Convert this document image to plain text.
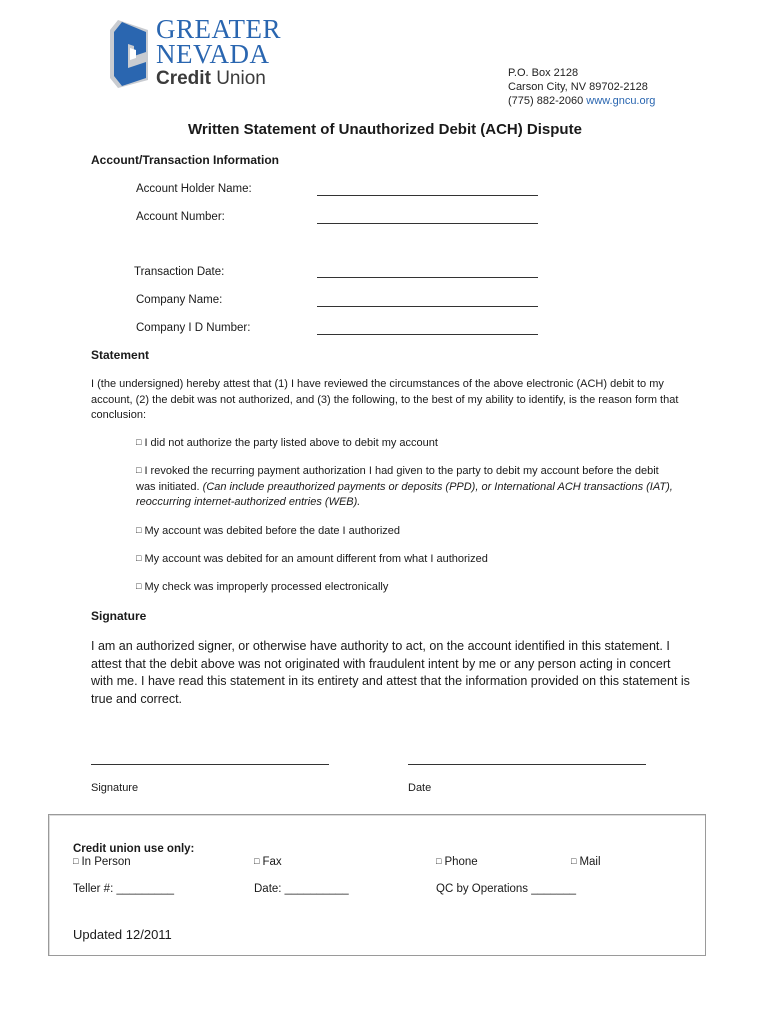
GREATER
NEVADA
Credit Union	P.O. Box 2128
Carson City, NV 89702-2128
(775) 882-2060 www.gncu.org
Written Statement of Unauthorized Debit (ACH) Dispute
Account/Transaction Information
Account Holder Name:
Account Number:
Transaction Date:
Company Name:
Company I D Number:
Statement
I (the undersigned) hereby attest that (1) I have reviewed the circumstances of the above electronic (ACH) debit to my account, (2) the debit was not authorized, and (3) the following, to the best of my ability to identify, is the reason form that conclusion:
□ I did not authorize the party listed above to debit my account
□ I revoked the recurring payment authorization I had given to the party to debit my account before the debit was initiated. (Can include preauthorized payments or deposits (PPD), or International ACH transactions (IAT), reoccurring internet-authorized entries (WEB).
□ My account was debited before the date I authorized
□ My account was debited for an amount different from what I authorized
□ My check was improperly processed electronically
Signature
I am an authorized signer, or otherwise have authority to act, on the account identified in this statement. I attest that the debit above was not originated with fraudulent intent by me or any person acting in concert with me. I have read this statement in its entirety and attest that the information provided on this statement is true and correct.
Signature	Date
Credit union use only:
□ In Person	□ Fax	□ Phone	□ Mail
Teller #: _________	Date: __________	QC by Operations _______
Updated 12/2011
